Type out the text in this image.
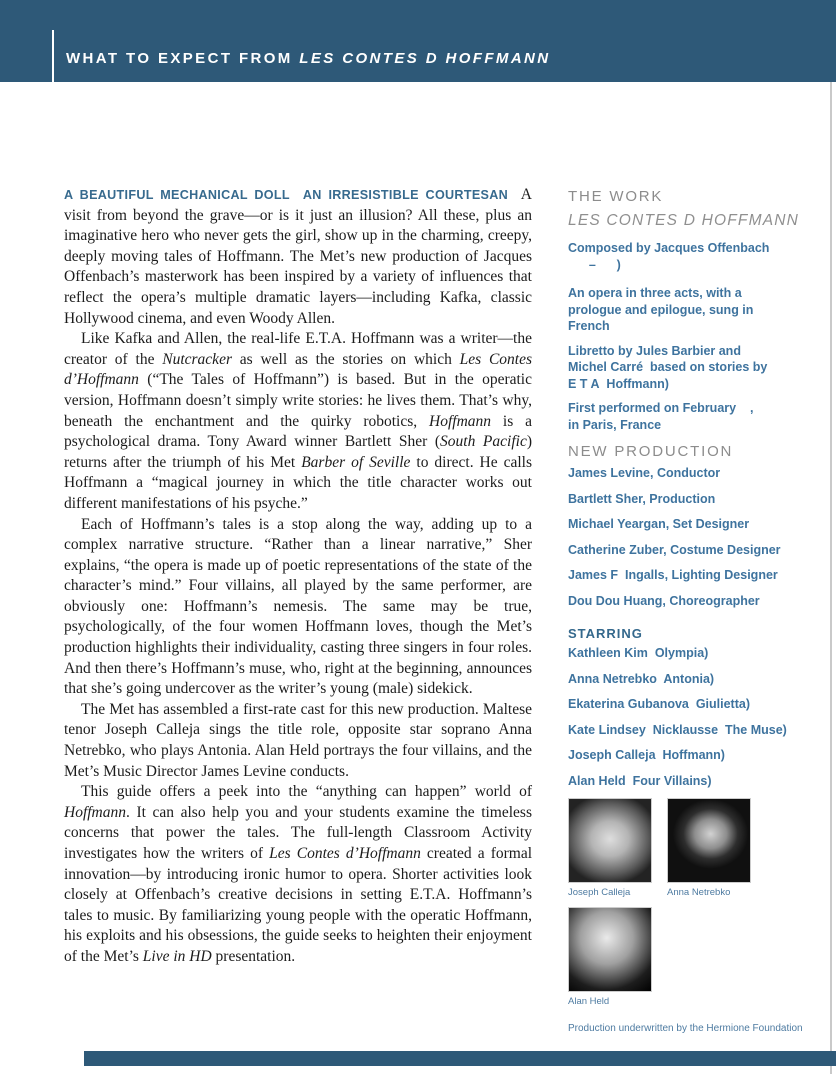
WHAT TO EXPECT FROM LES CONTES D HOFFMANN

A BEAUTIFUL MECHANICAL DOLL  AN IRRESISTIBLE COURTESAN  A visit from beyond the grave—or is it just an illusion? All these, plus an imaginative hero who never gets the girl, show up in the charming, creepy, deeply moving tales of Hoffmann. The Met’s new production of Jacques Offenbach’s masterwork has been inspired by a variety of influences that reflect the opera’s multiple dramatic layers—including Kafka, classic Hollywood cinema, and even Woody Allen.

Like Kafka and Allen, the real-life E.T.A. Hoffmann was a writer—the creator of the Nutcracker as well as the stories on which Les Contes d’Hoffmann (“The Tales of Hoffmann”) is based. But in the operatic version, Hoffmann doesn’t simply write stories: he lives them. That’s why, beneath the enchantment and the quirky robotics, Hoffmann is a psychological drama. Tony Award winner Bartlett Sher (South Pacific) returns after the triumph of his Met Barber of Seville to direct. He calls Hoffmann a “magical journey in which the title character works out different manifestations of his psyche.”

Each of Hoffmann’s tales is a stop along the way, adding up to a complex narrative structure. “Rather than a linear narrative,” Sher explains, “the opera is made up of poetic representations of the state of the character’s mind.” Four villains, all played by the same performer, are obviously one: Hoffmann’s nemesis. The same may be true, psychologically, of the four women Hoffmann loves, though the Met’s production highlights their individuality, casting three singers in four roles. And then there’s Hoffmann’s muse, who, right at the beginning, announces that she’s going undercover as the writer’s young (male) sidekick.

The Met has assembled a first-rate cast for this new production. Maltese tenor Joseph Calleja sings the title role, opposite star soprano Anna Netrebko, who plays Antonia. Alan Held portrays the four villains, and the Met’s Music Director James Levine conducts.

This guide offers a peek into the “anything can happen” world of Hoffmann. It can also help you and your students examine the timeless concerns that power the tales. The full-length Classroom Activity investigates how the writers of Les Contes d’Hoffmann created a formal innovation—by introducing ironic humor to opera. Shorter activities look closely at Offenbach’s creative decisions in setting E.T.A. Hoffmann’s tales to music. By familiarizing young people with the operatic Hoffmann, his exploits and his obsessions, the guide seeks to heighten their enjoyment of the Met’s Live in HD presentation.

THE WORK
LES CONTES D HOFFMANN
Composed by Jacques Offenbach
–      )
An opera in three acts, with a
prologue and epilogue, sung in
French
Libretto by Jules Barbier and
Michel Carré  based on stories by
E T A  Hoffmann)
First performed on February    ,
in Paris, France
NEW PRODUCTION
James Levine, Conductor
Bartlett Sher, Production
Michael Yeargan, Set Designer
Catherine Zuber, Costume Designer
James F  Ingalls, Lighting Designer
Dou Dou Huang, Choreographer
STARRING
Kathleen Kim  Olympia)
Anna Netrebko  Antonia)
Ekaterina Gubanova  Giulietta)
Kate Lindsey  Nicklausse  The Muse)
Joseph Calleja  Hoffmann)
Alan Held  Four Villains)
Joseph Calleja	Anna Netrebko
Alan Held
Production underwritten by the Hermione Foundation
